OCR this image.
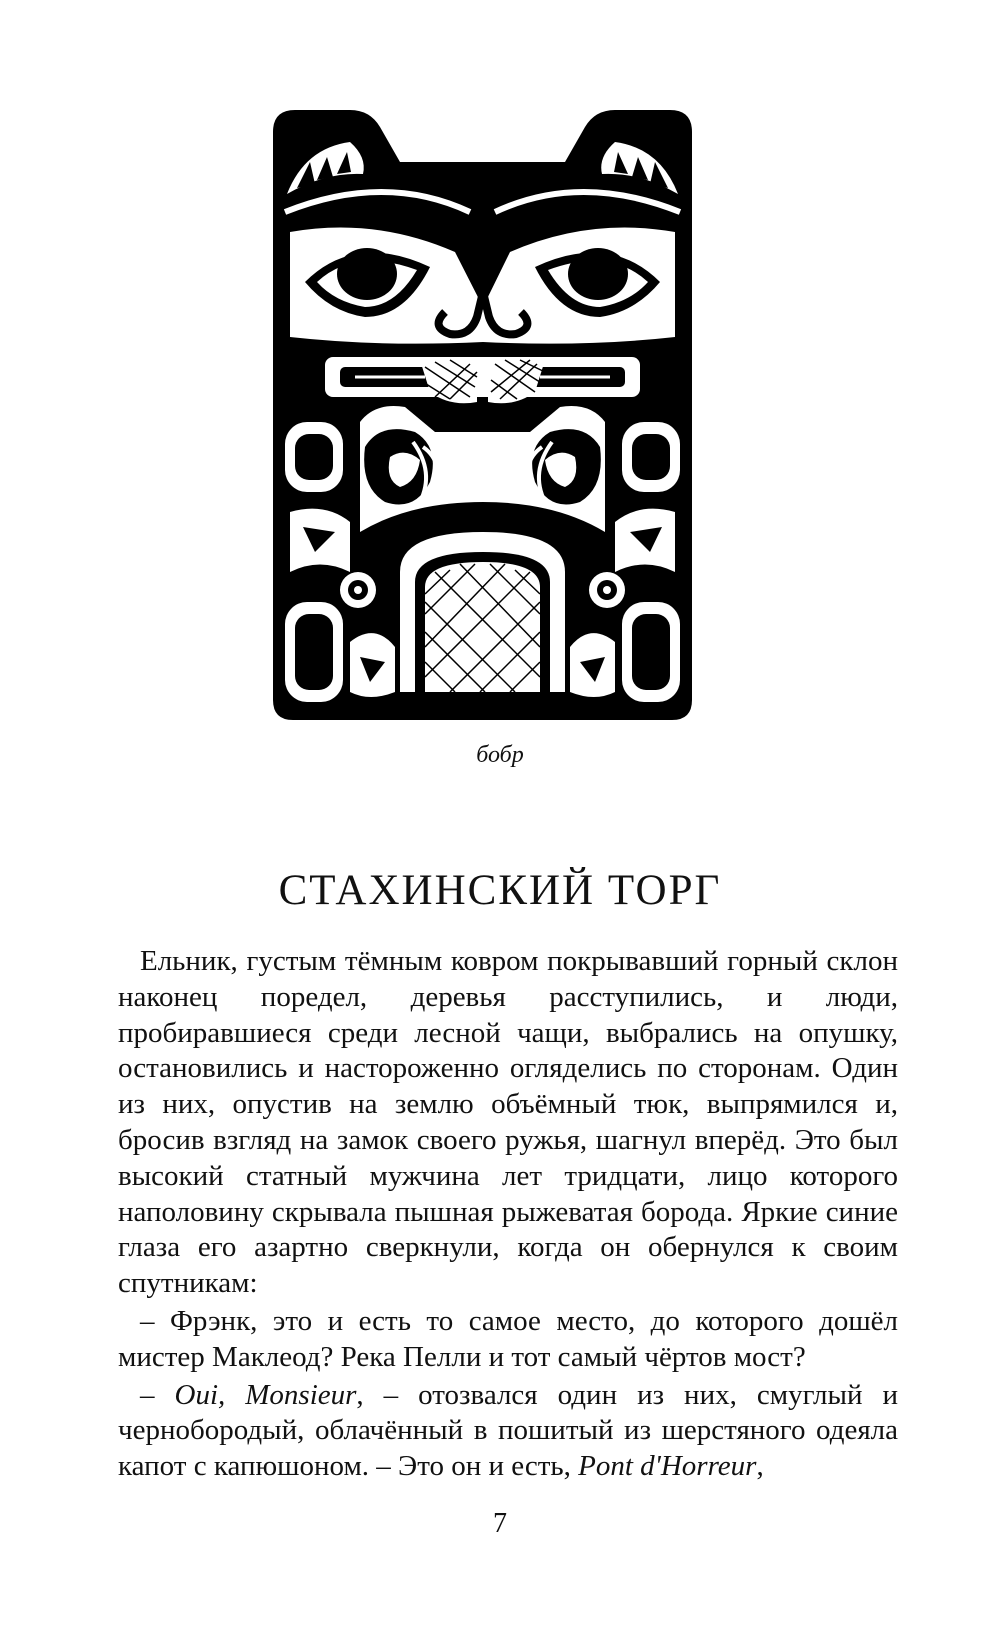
бобр
СТАХИНСКИЙ ТОРГ

Ельник, густым тёмным ковром покрывавший горный склон наконец поредел, деревья расступились, и люди, пробиравшиеся среди лесной чащи, выбрались на опушку, остановились и настороженно огляделись по сторонам. Один из них, опустив на землю объёмный тюк, выпрямился и, бросив взгляд на замок своего ружья, шагнул вперёд. Это был высокий статный мужчина лет тридцати, лицо которого наполовину скрывала пышная рыжеватая борода. Яркие синие глаза его азартно сверкнули, когда он обернулся к своим спутникам:

– Фрэнк, это и есть то самое место, до которого дошёл мистер Маклеод? Река Пелли и тот самый чёртов мост?

– Oui, Monsieur, – отозвался один из них, смуглый и чернобородый, облачённый в пошитый из шерстяного одеяла капот с капюшоном. – Это он и есть, Pont d'Horreur,

7
